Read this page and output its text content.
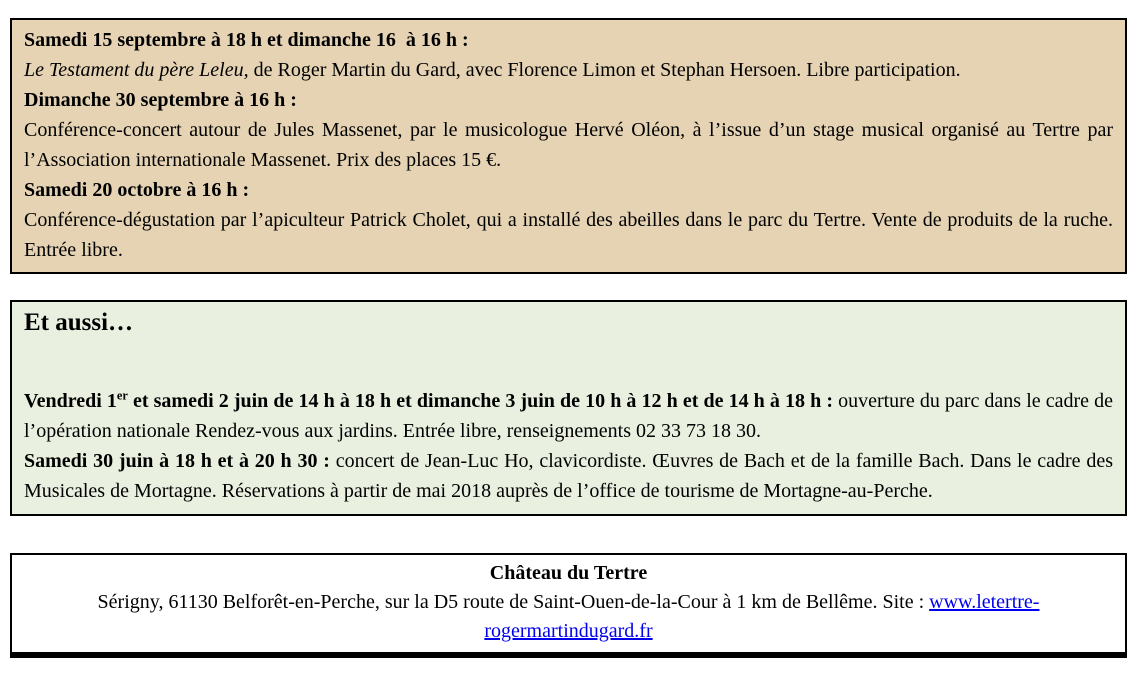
Samedi 15 septembre à 18 h et dimanche 16  à 16 h :
Le Testament du père Leleu, de Roger Martin du Gard, avec Florence Limon et Stephan Hersoen. Libre participation.
Dimanche 30 septembre à 16 h :
Conférence-concert autour de Jules Massenet, par le musicologue Hervé Oléon, à l’issue d’un stage musical organisé au Tertre par l’Association internationale Massenet. Prix des places 15 €.
Samedi 20 octobre à 16 h :
Conférence-dégustation par l’apiculteur Patrick Cholet, qui a installé des abeilles dans le parc du Tertre. Vente de produits de la ruche. Entrée libre.
Et aussi…
Vendredi 1er et samedi 2 juin de 14 h à 18 h et dimanche 3 juin de 10 h à 12 h et de 14 h à 18 h : ouverture du parc dans le cadre de l’opération nationale Rendez-vous aux jardins. Entrée libre, renseignements 02 33 73 18 30.
Samedi 30 juin à 18 h et à 20 h 30 : concert de Jean-Luc Ho, clavicordiste. Œuvres de Bach et de la famille Bach. Dans le cadre des Musicales de Mortagne. Réservations à partir de mai 2018 auprès de l’office de tourisme de Mortagne-au-Perche.
Château du Tertre
Sérigny, 61130 Belforêt-en-Perche, sur la D5 route de Saint-Ouen-de-la-Cour à 1 km de Bellême. Site : www.letertre-rogermartindugard.fr
